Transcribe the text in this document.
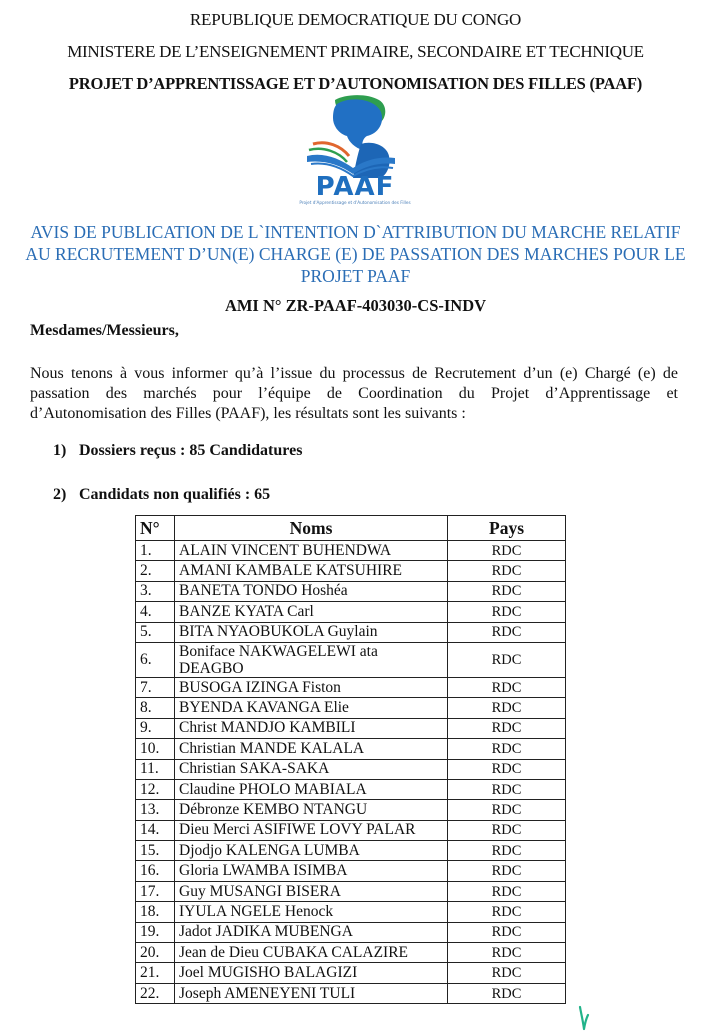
REPUBLIQUE DEMOCRATIQUE DU CONGO
MINISTERE DE L’ENSEIGNEMENT PRIMAIRE, SECONDAIRE ET TECHNIQUE
PROJET D’APPRENTISSAGE ET D’AUTONOMISATION DES FILLES (PAAF)
PAAF
Projet d'Apprentissage et d'Autonomisation des Filles
AVIS DE PUBLICATION DE L`INTENTION D`ATTRIBUTION DU MARCHE RELATIF
AU RECRUTEMENT D’UN(E) CHARGE (E) DE PASSATION DES MARCHES POUR LE
PROJET PAAF
AMI N° ZR-PAAF-403030-CS-INDV
Mesdames/Messieurs,
Nous tenons à vous informer qu’à l’issue du processus de Recrutement d’un (e) Chargé (e) de
passation des marchés pour l’équipe de Coordination du Projet d’Apprentissage et
d’Autonomisation des Filles (PAAF), les résultats sont les suivants :
1) Dossiers reçus : 85 Candidatures
2) Candidats non qualifiés : 65
N°	Noms	Pays
1.	ALAIN VINCENT BUHENDWA	RDC
2.	AMANI KAMBALE KATSUHIRE	RDC
3.	BANETA TONDO Hoshéa	RDC
4.	BANZE KYATA Carl	RDC
5.	BITA NYAOBUKOLA Guylain	RDC
6.	Boniface NAKWAGELEWI ata DEAGBO	RDC
7.	BUSOGA IZINGA Fiston	RDC
8.	BYENDA KAVANGA Elie	RDC
9.	Christ MANDJO KAMBILI	RDC
10.	Christian MANDE KALALA	RDC
11.	Christian SAKA-SAKA	RDC
12.	Claudine PHOLO MABIALA	RDC
13.	Débronze KEMBO NTANGU	RDC
14.	Dieu Merci ASIFIWE LOVY PALAR	RDC
15.	Djodjo KALENGA LUMBA	RDC
16.	Gloria LWAMBA ISIMBA	RDC
17.	Guy MUSANGI BISERA	RDC
18.	IYULA NGELE Henock	RDC
19.	Jadot JADIKA MUBENGA	RDC
20.	Jean de Dieu CUBAKA CALAZIRE	RDC
21.	Joel MUGISHO BALAGIZI	RDC
22.	Joseph AMENEYENI TULI	RDC
